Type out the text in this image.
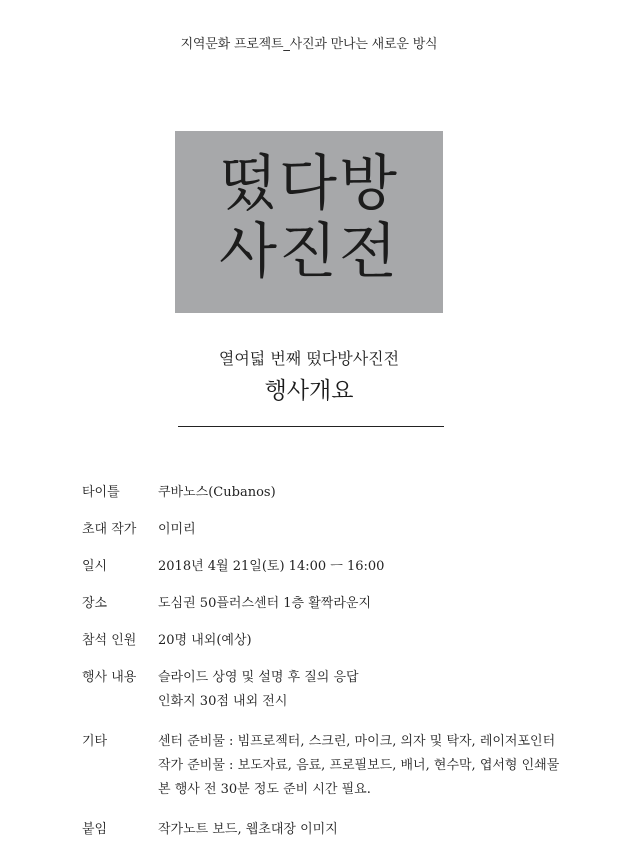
지역문화 프로젝트_사진과 만나는 새로운 방식
떴다방
사진전
열여덟 번째 떴다방사진전
행사개요
타이틀	쿠바노스(Cubanos)
초대 작가	이미리
일시	2018년 4월 21일(토) 14:00 ㅡ 16:00
장소	도심권 50플러스센터 1층 활짝라운지
참석 인원	20명 내외(예상)
행사 내용	슬라이드 상영 및 설명 후 질의 응답
인화지 30점 내외 전시
기타	센터 준비물 : 빔프로젝터, 스크린, 마이크, 의자 및 탁자, 레이저포인터
작가 준비물 : 보도자료, 음료, 프로필보드, 배너, 현수막, 엽서형 인쇄물
본 행사 전 30분 정도 준비 시간 필요.
붙임	작가노트 보드, 웹초대장 이미지
